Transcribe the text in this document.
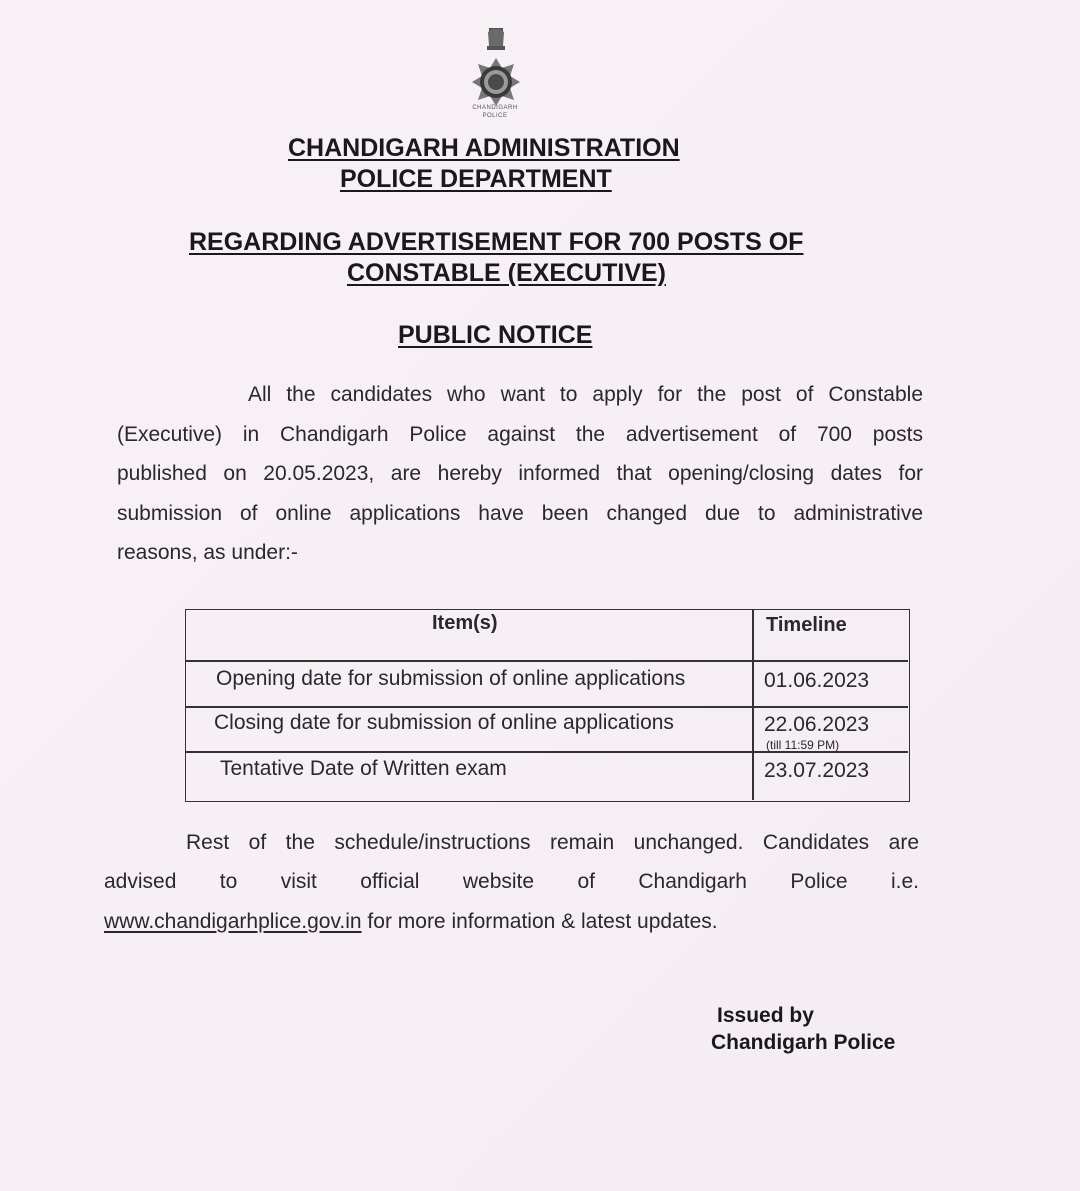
CHANDIGARH
POLICE
CHANDIGARH ADMINISTRATION
POLICE DEPARTMENT
REGARDING ADVERTISEMENT FOR 700 POSTS OF
CONSTABLE (EXECUTIVE)
PUBLIC NOTICE
All the candidates who want to apply for the post of Constable
(Executive) in Chandigarh Police against the advertisement of 700 posts
published on 20.05.2023, are hereby informed that opening/closing dates for
submission of online applications have been changed due to administrative
reasons, as under:-
Item(s)	Timeline
Opening date for submission of online applications	01.06.2023
Closing date for submission of online applications	22.06.2023
(till 11:59 PM)
Tentative Date of Written exam	23.07.2023
Rest of the schedule/instructions remain unchanged. Candidates are
advised to visit official website of Chandigarh Police i.e.
www.chandigarhplice.gov.in for more information & latest updates.
Issued by
Chandigarh Police
